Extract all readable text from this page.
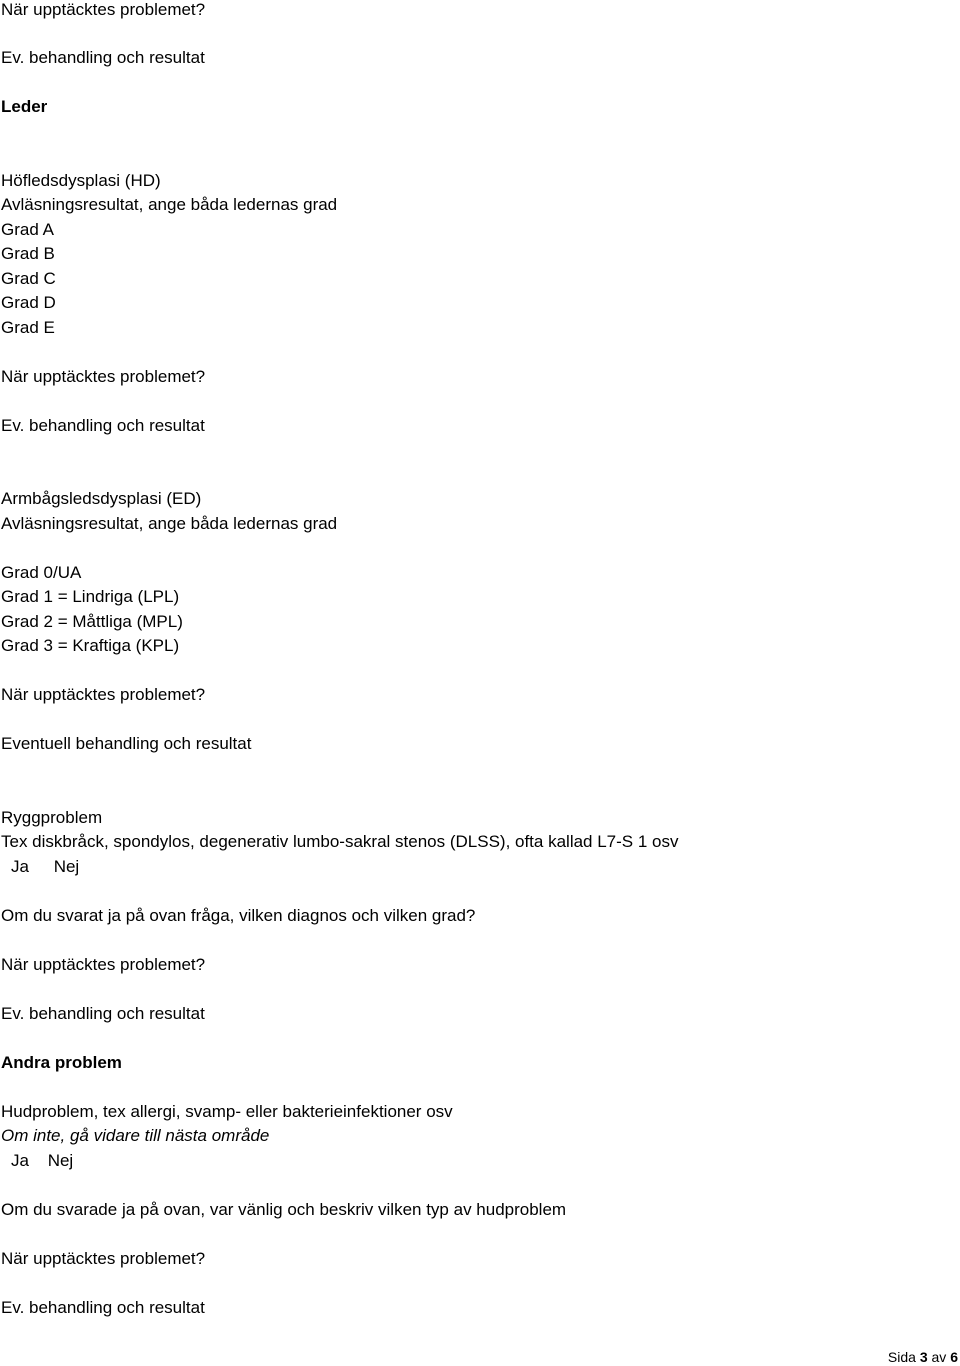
När upptäcktes problemet?
Ev. behandling och resultat
Leder
Höfledsdysplasi (HD)
Avläsningsresultat, ange båda ledernas grad
Grad A
Grad B
Grad C
Grad D
Grad E
När upptäcktes problemet?
Ev. behandling och resultat
Armbågsledsdysplasi (ED)
Avläsningsresultat, ange båda ledernas grad
Grad 0/UA
Grad 1 = Lindriga (LPL)
Grad 2 = Måttliga (MPL)
Grad 3 = Kraftiga (KPL)
När upptäcktes problemet?
Eventuell behandling och resultat
Ryggproblem
Tex diskbråck, spondylos, degenerativ lumbo-sakral stenos (DLSS), ofta kallad L7-S 1 osv
Ja Nej
Om du svarat ja på ovan fråga, vilken diagnos och vilken grad?
När upptäcktes problemet?
Ev. behandling och resultat
Andra problem
Hudproblem, tex allergi, svamp- eller bakterieinfektioner osv
Om inte, gå vidare till nästa område
Ja Nej
Om du svarade ja på ovan, var vänlig och beskriv vilken typ av hudproblem
När upptäcktes problemet?
Ev. behandling och resultat
Sida 3 av 6
